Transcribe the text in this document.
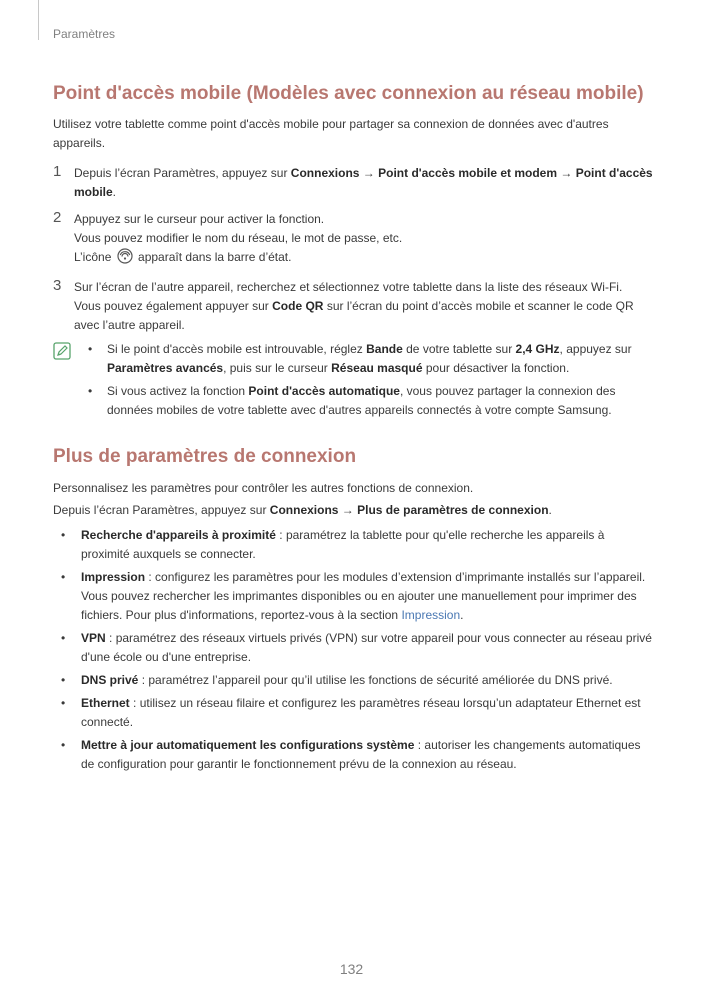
Paramètres
Point d'accès mobile (Modèles avec connexion au réseau mobile)
Utilisez votre tablette comme point d'accès mobile pour partager sa connexion de données avec d'autres appareils.
1 Depuis l’écran Paramètres, appuyez sur Connexions → Point d'accès mobile et modem → Point d'accès mobile.
2 Appuyez sur le curseur pour activer la fonction.
Vous pouvez modifier le nom du réseau, le mot de passe, etc.
L’icône  apparaît dans la barre d’état.
3 Sur l’écran de l’autre appareil, recherchez et sélectionnez votre tablette dans la liste des réseaux Wi-Fi. Vous pouvez également appuyer sur Code QR sur l’écran du point d’accès mobile et scanner le code QR avec l’autre appareil.
• Si le point d'accès mobile est introuvable, réglez Bande de votre tablette sur 2,4 GHz, appuyez sur Paramètres avancés, puis sur le curseur Réseau masqué pour désactiver la fonction.
• Si vous activez la fonction Point d'accès automatique, vous pouvez partager la connexion des données mobiles de votre tablette avec d'autres appareils connectés à votre compte Samsung.
Plus de paramètres de connexion
Personnalisez les paramètres pour contrôler les autres fonctions de connexion.
Depuis l’écran Paramètres, appuyez sur Connexions → Plus de paramètres de connexion.
• Recherche d'appareils à proximité : paramétrez la tablette pour qu'elle recherche les appareils à proximité auxquels se connecter.
• Impression : configurez les paramètres pour les modules d’extension d’imprimante installés sur l’appareil. Vous pouvez rechercher les imprimantes disponibles ou en ajouter une manuellement pour imprimer des fichiers. Pour plus d'informations, reportez-vous à la section Impression.
• VPN : paramétrez des réseaux virtuels privés (VPN) sur votre appareil pour vous connecter au réseau privé d'une école ou d'une entreprise.
• DNS privé : paramétrez l’appareil pour qu’il utilise les fonctions de sécurité améliorée du DNS privé.
• Ethernet : utilisez un réseau filaire et configurez les paramètres réseau lorsqu’un adaptateur Ethernet est connecté.
• Mettre à jour automatiquement les configurations système : autoriser les changements automatiques de configuration pour garantir le fonctionnement prévu de la connexion au réseau.
132
